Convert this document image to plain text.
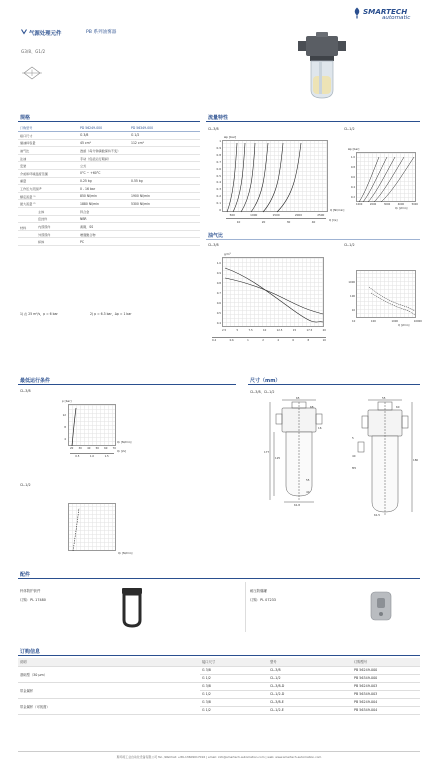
气源处理元件	PB 系列油雾器
G3/8、G1/2
SMARTECH
automatic
规格
订购型号	PD 56249-000	PD 56349-000
接口尺寸	G 3/8	G 1/2
储油杯容量	45 cm³	112 cm³
油气比	透滤（每分钟滴数保持不变）	
注油	手动（包括运行期间）	
安装	立式	
介质和环境温度范围	0°C ~ +60°C	
重量	0.25 kg	0.55 kg
工作压力范围 P	0 - 16 bar	
额定流量 ¹⁾	850 Nl/min	1900 Nl/min
最大流量 ²⁾	1880 Nl/min	5300 Nl/min
主体	锌合金	
密封件	NBR	

材料 内部部件	黄铜、SS	
外部部件	增强聚合物	
杯体	PC	
1) 在 25 m³/s，p = 6 bar	2) p = 6.3 bar，Δp = 1 bar
流量特性
CL-3/8	CL-1/2
Δp [bar]
1
0.9
0.8
0.7
0.6
0.5
0.4
0.3
0.2
0.1
0
500	1000	1500	2000	2500
Q [Nl/min]
10	20	30	40	Q [l/s]
Δp [bar]
1.0
0.8
0.6
0.4
0.2
1000	2000	3000	4000	5000
Q₁ [l/min]
油气比
CL-3/8	CL-1/2
g/m³
1.0
0.9
0.8
0.7
0.6
0.5
0.4
2.5	5	7.5	10	12.5	15	17.5	20
0.4	0.6	1	2	4	6	8	10
1000
100
10
10	100	1000	10000
Q [l/min]
最低运行条件
CL-3/8
p [bar]
12
8
4
20 30 40 50 60 70
Q₁ [Nl/min]
0.5	1.0	1.5
Q₁ [l/s]
CL-1/2
Q₁ [Nl/min]
尺寸（mm）
CL-3/8、CL-1/2
65
68
16
125
177
55
40
61.8
55
60
5
40
180
M5
61.5
配件
杯体防护套件
订购：PL 17480
耐压防爆罐
订购：PL 07233
订购信息
说明	接口尺寸	型号	订购型号
基础型（30 μm）	G 3/8	CL-3/8	PB 56249-000
	G 1/2	CL-1/2	PB 56349-000
带金属杯	G 3/8	CL-3/8-D	PB 56249-003
	G 1/2	CL-1/2-D	PB 56349-003
带金属杯（可视窗）	G 3/8	CL-3/8-E	PB 56249-004
	G 1/2	CL-1/2-E	PB 56349-004
斯玛特工业自动化设备有限公司 Tel. /WeChat: +86-13609017016 | email: info@smartech-automation.com | web: www.smartech-automation.com
